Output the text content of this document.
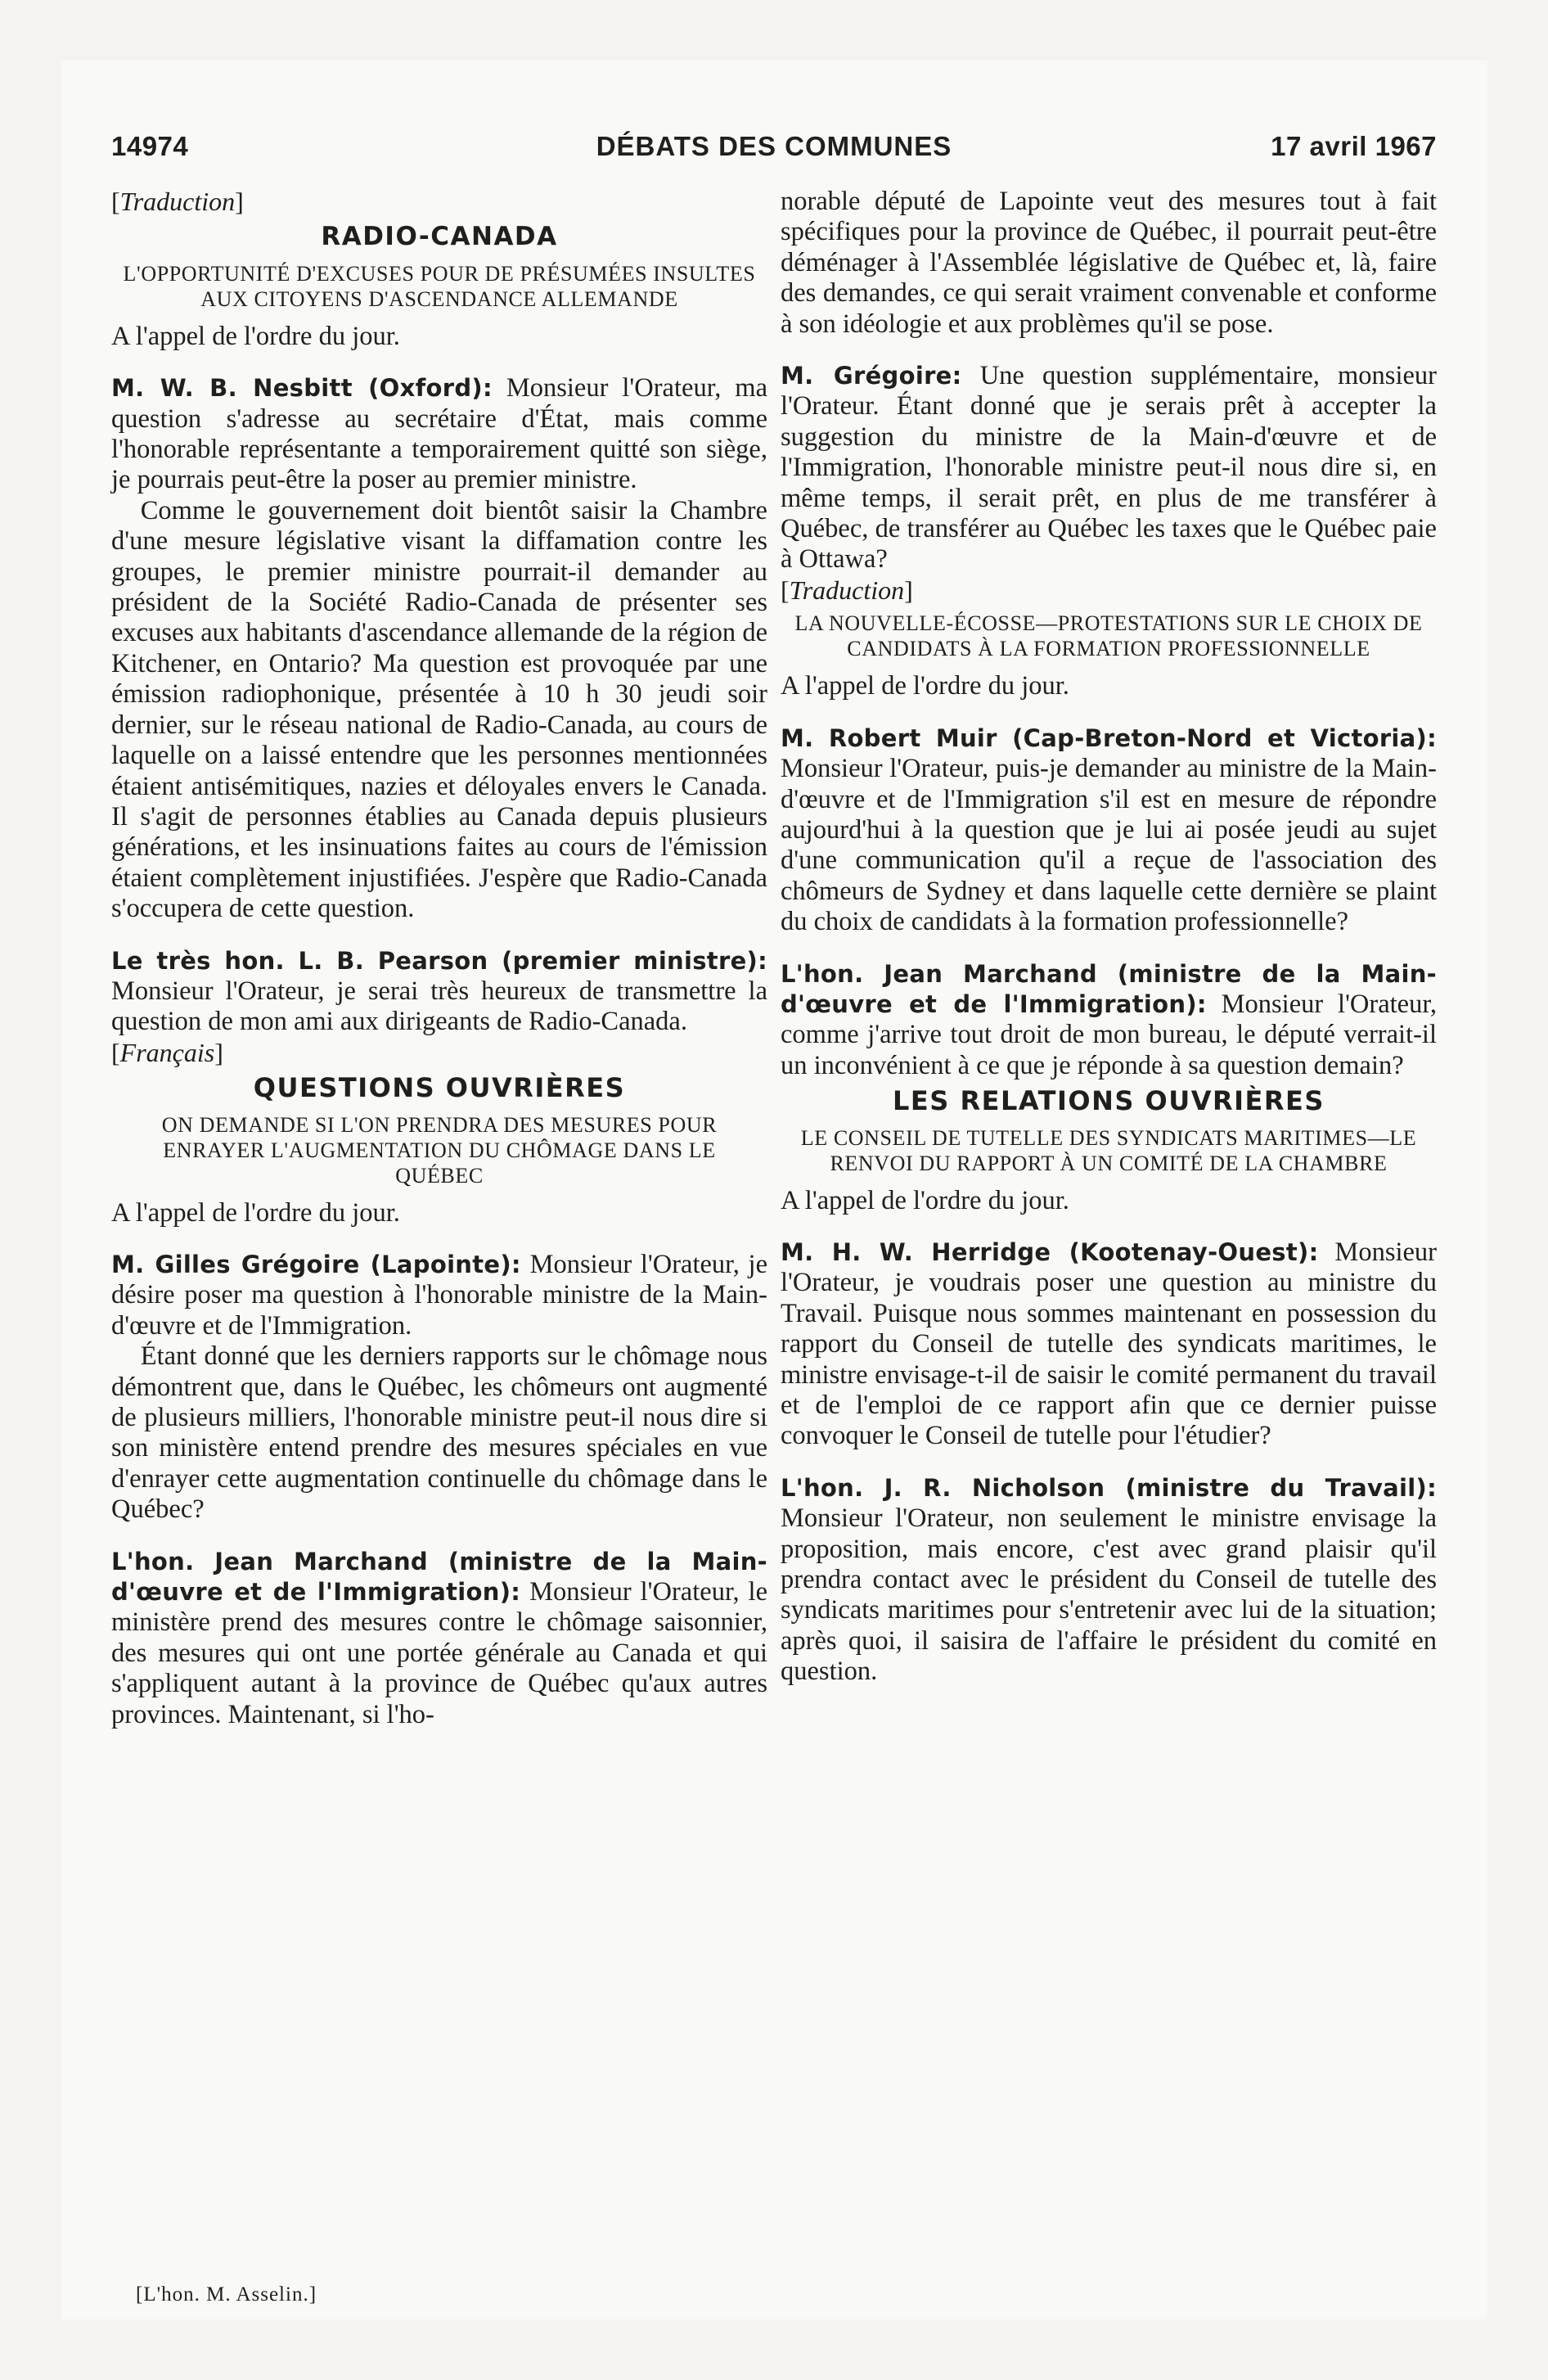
14974	DÉBATS DES COMMUNES	17 avril 1967

[Traduction]

RADIO-CANADA
L'OPPORTUNITÉ D'EXCUSES POUR DE PRÉSUMÉES INSULTES AUX CITOYENS D'ASCENDANCE ALLEMANDE

A l'appel de l'ordre du jour.

M. W. B. Nesbitt (Oxford): Monsieur l'Orateur, ma question s'adresse au secrétaire d'État, mais comme l'honorable représentante a temporairement quitté son siège, je pourrais peut-être la poser au premier ministre.

Comme le gouvernement doit bientôt saisir la Chambre d'une mesure législative visant la diffamation contre les groupes, le premier ministre pourrait-il demander au président de la Société Radio-Canada de présenter ses excuses aux habitants d'ascendance allemande de la région de Kitchener, en Ontario? Ma question est provoquée par une émission radiophonique, présentée à 10 h 30 jeudi soir dernier, sur le réseau national de Radio-Canada, au cours de laquelle on a laissé entendre que les personnes mentionnées étaient antisémitiques, nazies et déloyales envers le Canada. Il s'agit de personnes établies au Canada depuis plusieurs générations, et les insinuations faites au cours de l'émission étaient complètement injustifiées. J'espère que Radio-Canada s'occupera de cette question.

Le très hon. L. B. Pearson (premier ministre): Monsieur l'Orateur, je serai très heureux de transmettre la question de mon ami aux dirigeants de Radio-Canada.

[Français]

QUESTIONS OUVRIÈRES
ON DEMANDE SI L'ON PRENDRA DES MESURES POUR ENRAYER L'AUGMENTATION DU CHÔMAGE DANS LE QUÉBEC

A l'appel de l'ordre du jour.

M. Gilles Grégoire (Lapointe): Monsieur l'Orateur, je désire poser ma question à l'honorable ministre de la Main-d'œuvre et de l'Immigration.

Étant donné que les derniers rapports sur le chômage nous démontrent que, dans le Québec, les chômeurs ont augmenté de plusieurs milliers, l'honorable ministre peut-il nous dire si son ministère entend prendre des mesures spéciales en vue d'enrayer cette augmentation continuelle du chômage dans le Québec?

L'hon. Jean Marchand (ministre de la Main-d'œuvre et de l'Immigration): Monsieur l'Orateur, le ministère prend des mesures contre le chômage saisonnier, des mesures qui ont une portée générale au Canada et qui s'appliquent autant à la province de Québec qu'aux autres provinces. Maintenant, si l'ho-

norable député de Lapointe veut des mesures tout à fait spécifiques pour la province de Québec, il pourrait peut-être déménager à l'Assemblée législative de Québec et, là, faire des demandes, ce qui serait vraiment convenable et conforme à son idéologie et aux problèmes qu'il se pose.

M. Grégoire: Une question supplémentaire, monsieur l'Orateur. Étant donné que je serais prêt à accepter la suggestion du ministre de la Main-d'œuvre et de l'Immigration, l'honorable ministre peut-il nous dire si, en même temps, il serait prêt, en plus de me transférer à Québec, de transférer au Québec les taxes que le Québec paie à Ottawa?

[Traduction]

LA NOUVELLE-ÉCOSSE—PROTESTATIONS SUR LE CHOIX DE CANDIDATS À LA FORMATION PROFESSIONNELLE

A l'appel de l'ordre du jour.

M. Robert Muir (Cap-Breton-Nord et Victoria): Monsieur l'Orateur, puis-je demander au ministre de la Main-d'œuvre et de l'Immigration s'il est en mesure de répondre aujourd'hui à la question que je lui ai posée jeudi au sujet d'une communication qu'il a reçue de l'association des chômeurs de Sydney et dans laquelle cette dernière se plaint du choix de candidats à la formation professionnelle?

L'hon. Jean Marchand (ministre de la Main-d'œuvre et de l'Immigration): Monsieur l'Orateur, comme j'arrive tout droit de mon bureau, le député verrait-il un inconvénient à ce que je réponde à sa question demain?

LES RELATIONS OUVRIÈRES
LE CONSEIL DE TUTELLE DES SYNDICATS MARITIMES—LE RENVOI DU RAPPORT À UN COMITÉ DE LA CHAMBRE

A l'appel de l'ordre du jour.

M. H. W. Herridge (Kootenay-Ouest): Monsieur l'Orateur, je voudrais poser une question au ministre du Travail. Puisque nous sommes maintenant en possession du rapport du Conseil de tutelle des syndicats maritimes, le ministre envisage-t-il de saisir le comité permanent du travail et de l'emploi de ce rapport afin que ce dernier puisse convoquer le Conseil de tutelle pour l'étudier?

L'hon. J. R. Nicholson (ministre du Travail): Monsieur l'Orateur, non seulement le ministre envisage la proposition, mais encore, c'est avec grand plaisir qu'il prendra contact avec le président du Conseil de tutelle des syndicats maritimes pour s'entretenir avec lui de la situation; après quoi, il saisira de l'affaire le président du comité en question.

[L'hon. M. Asselin.]
